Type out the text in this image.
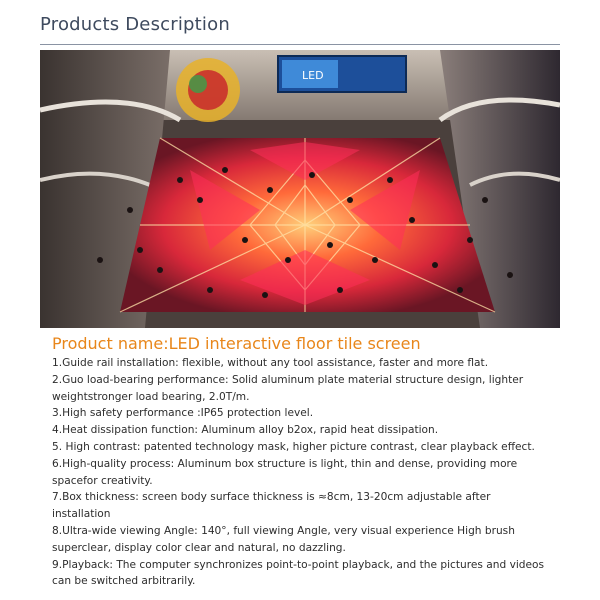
Products Description
LED
Product name:LED interactive floor tile screen
1.Guide rail installation: flexible, without any tool assistance, faster and more flat.
2.Guo load-bearing performance: Solid aluminum plate material structure design, lighter weightstronger load bearing, 2.0T/m.
3.High safety performance :IP65 protection level.
4.Heat dissipation function: Aluminum alloy b2ox, rapid heat dissipation.
5. High contrast: patented technology mask, higher picture contrast, clear playback effect.
6.High-quality process: Aluminum box structure is light, thin and dense, providing more spacefor creativity.
7.Box thickness: screen body surface thickness is ≈8cm, 13-20cm adjustable after installation
8.Ultra-wide viewing Angle: 140°, full viewing Angle, very visual experience High brush superclear, display color clear and natural, no dazzling.
9.Playback: The computer synchronizes point-to-point playback, and the pictures and videos can be switched arbitrarily.
